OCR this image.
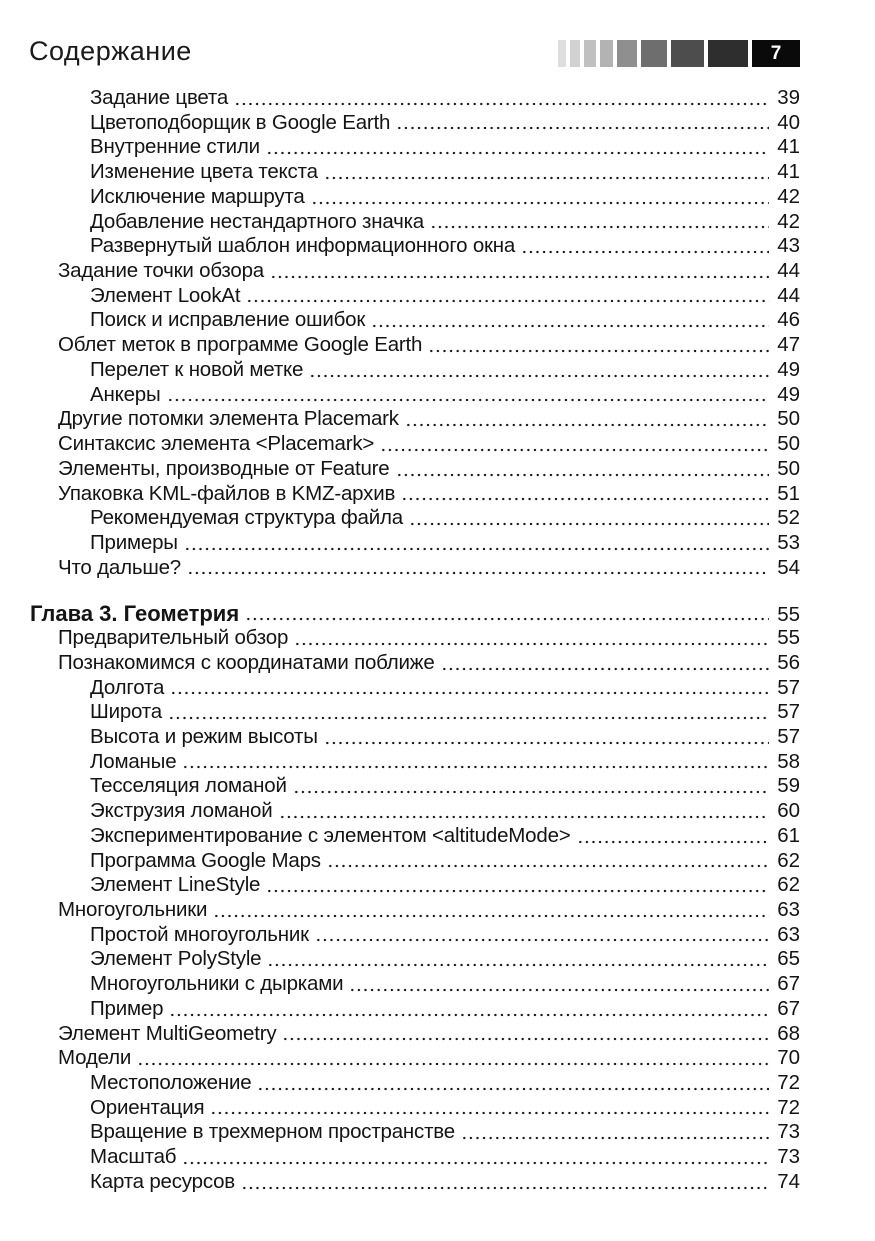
Содержание	7
Задание цвета	39
Цветоподборщик в Google Earth	40
Внутренние стили	41
Изменение цвета текста	41
Исключение маршрута	42
Добавление нестандартного значка	42
Развернутый шаблон информационного окна	43
Задание точки обзора	44
Элемент LookAt	44
Поиск и исправление ошибок	46
Облет меток в программе Google Earth	47
Перелет к новой метке	49
Анкеры	49
Другие потомки элемента Placemark	50
Синтаксис элемента <Placemark>	50
Элементы, производные от Feature	50
Упаковка KML-файлов в KMZ-архив	51
Рекомендуемая структура файла	52
Примеры	53
Что дальше?	54
Глава 3. Геометрия	55
Предварительный обзор	55
Познакомимся с координатами поближе	56
Долгота	57
Широта	57
Высота и режим высоты	57
Ломаные	58
Тесселяция ломаной	59
Экструзия ломаной	60
Экспериментирование с элементом <altitudeMode>	61
Программа Google Maps	62
Элемент LineStyle	62
Многоугольники	63
Простой многоугольник	63
Элемент PolyStyle	65
Многоугольники с дырками	67
Пример	67
Элемент MultiGeometry	68
Модели	70
Местоположение	72
Ориентация	72
Вращение в трехмерном пространстве	73
Масштаб	73
Карта ресурсов	74
